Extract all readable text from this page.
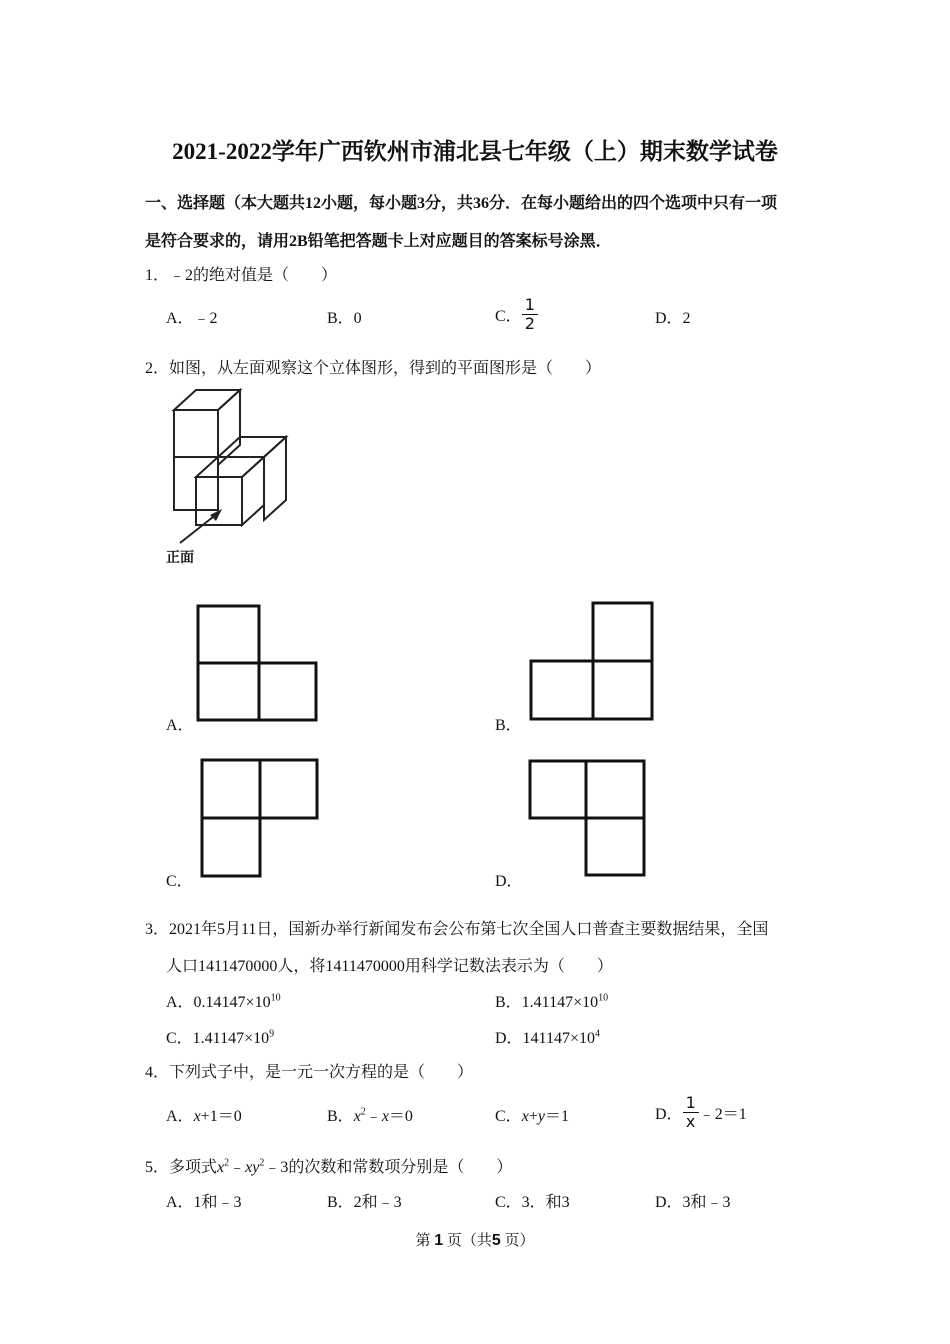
2021-2022学年广西钦州市浦北县七年级（上）期末数学试卷
一、选择题（本大题共12小题，每小题3分，共36分．在每小题给出的四个选项中只有一项
是符合要求的，请用2B铅笔把答题卡上对应题目的答案标号涂黑．
1．﹣2的绝对值是（　　）
A．﹣2	B．0	C． $\frac{1}{2}$	D．2
2．如图，从左面观察这个立体图形，得到的平面图形是（　　）
正面
A．	B．
C．	D．
3．2021年5月11日，国新办举行新闻发布会公布第七次全国人口普查主要数据结果，全国
人口1411470000人，将1411470000用科学记数法表示为（　　）
A．$0.14147\times 10^{10}$	B．$1.41147\times 10^{10}$
C．$1.41147\times 10^9$	D．$141147\times 10^4$
4．下列式子中，是一元一次方程的是（　　）
A．x+1＝0	B．$x^2﹣x=0$	C．x+y＝1	D． $\frac{1}{x}$ ﹣2＝1
5．多项式$x^2﹣xy^2﹣3$的次数和常数项分别是（　　）
A．1和﹣3	B．2和﹣3	C．3．和3	D．3和﹣3
第 1 页（共5 页）
